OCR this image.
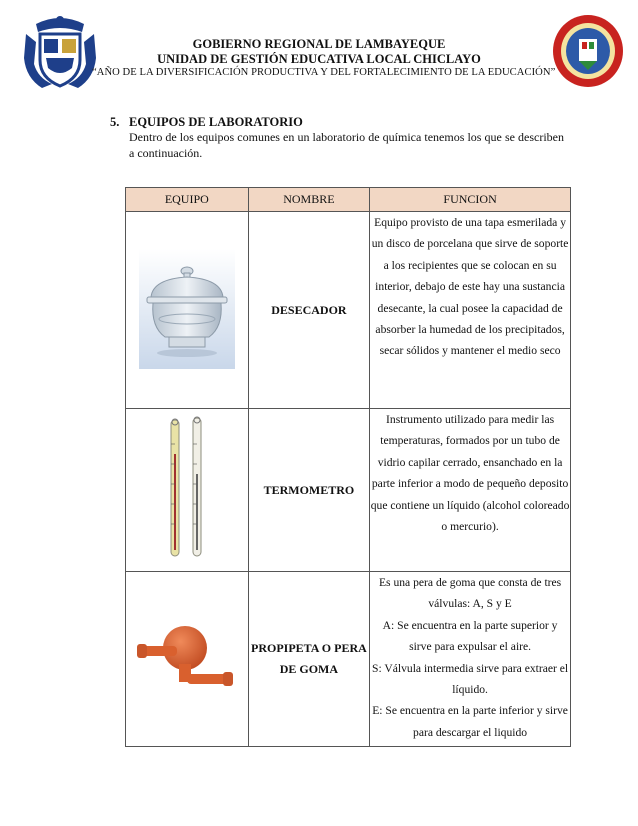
GOBIERNO REGIONAL DE LAMBAYEQUE
UNIDAD DE GESTIÓN EDUCATIVA LOCAL CHICLAYO
“AÑO DE LA DIVERSIFICACIÓN PRODUCTIVA Y DEL FORTALECIMIENTO DE LA EDUCACIÓN”
5. EQUIPOS DE LABORATORIO
Dentro de los equipos comunes en un laboratorio de química tenemos los que se describen a continuación.
EQUIPO	NOMBRE	FUNCION
	DESECADOR	Equipo provisto de una tapa esmerilada y un disco de porcelana que sirve de soporte a los recipientes que se colocan en su interior, debajo de este hay una sustancia desecante, la cual posee la capacidad de absorber la humedad de los precipitados, secar sólidos y mantener el medio seco
	TERMOMETRO	Instrumento utilizado para medir las temperaturas, formados por un tubo de vidrio capilar cerrado, ensanchado en la parte inferior a modo de pequeño deposito que contiene un líquido (alcohol coloreado o mercurio).
	PROPIPETA O PERA DE GOMA	Es una pera de goma que consta de tres válvulas: A, S y E
A: Se encuentra en la parte superior y sirve para expulsar el aire.
S: Válvula intermedia sirve para extraer el líquido.
E: Se encuentra en la parte inferior y sirve para descargar el liquido
